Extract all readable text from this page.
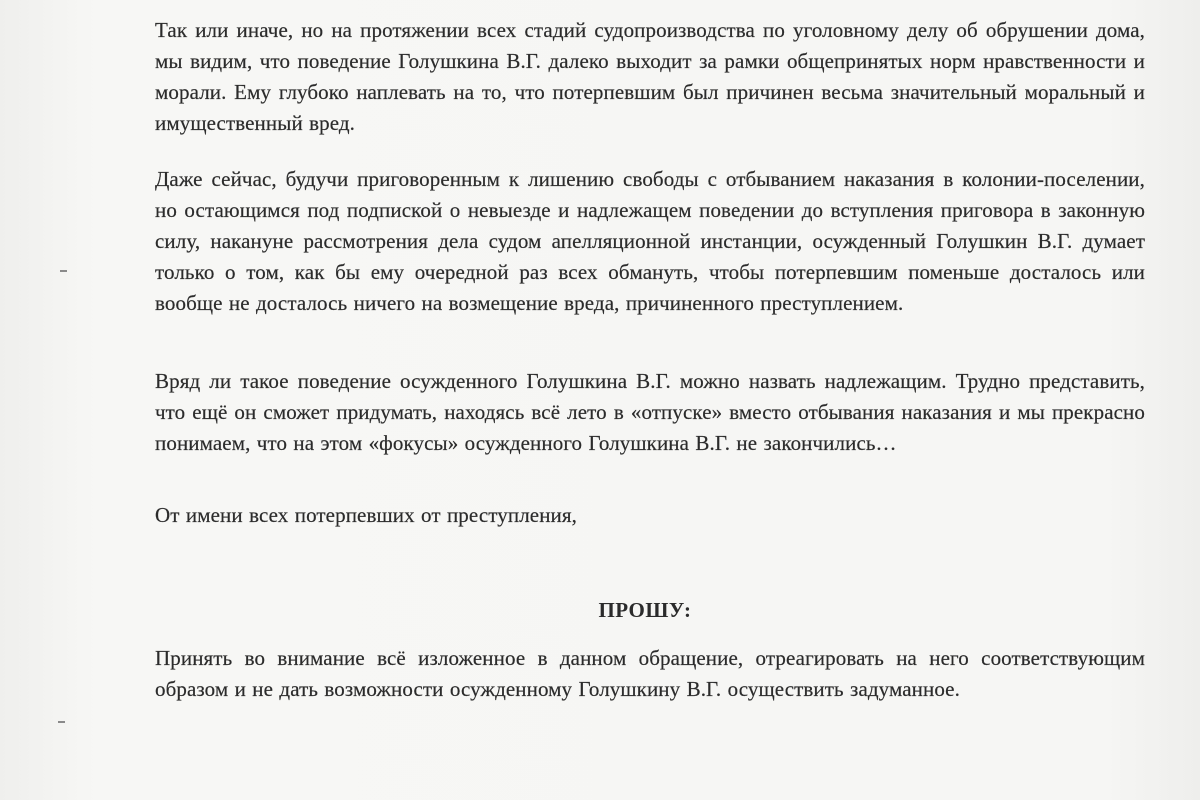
Так или иначе, но на протяжении всех стадий судопроизводства по уголовному делу об обрушении дома, мы видим, что поведение Голушкина В.Г. далеко выходит за рамки общепринятых норм нравственности и морали. Ему глубоко наплевать на то, что потерпевшим был причинен весьма значительный моральный и имущественный вред.

Даже сейчас, будучи приговоренным к лишению свободы с отбыванием наказания в колонии-поселении, но остающимся под подпиской о невыезде и надлежащем поведении до вступления приговора в законную силу, накануне рассмотрения дела судом апелляционной инстанции, осужденный Голушкин В.Г. думает только о том, как бы ему очередной раз всех обмануть, чтобы потерпевшим поменьше досталось или вообще не досталось ничего на возмещение вреда, причиненного преступлением.

Вряд ли такое поведение осужденного Голушкина В.Г. можно назвать надлежащим. Трудно представить, что ещё он сможет придумать, находясь всё лето в «отпуске» вместо отбывания наказания и мы прекрасно понимаем, что на этом «фокусы» осужденного Голушкина В.Г. не закончились…

От имени всех потерпевших от преступления,

ПРОШУ:

Принять во внимание всё изложенное в данном обращение, отреагировать на него соответствующим образом и не дать возможности осужденному Голушкину В.Г. осуществить задуманное.
